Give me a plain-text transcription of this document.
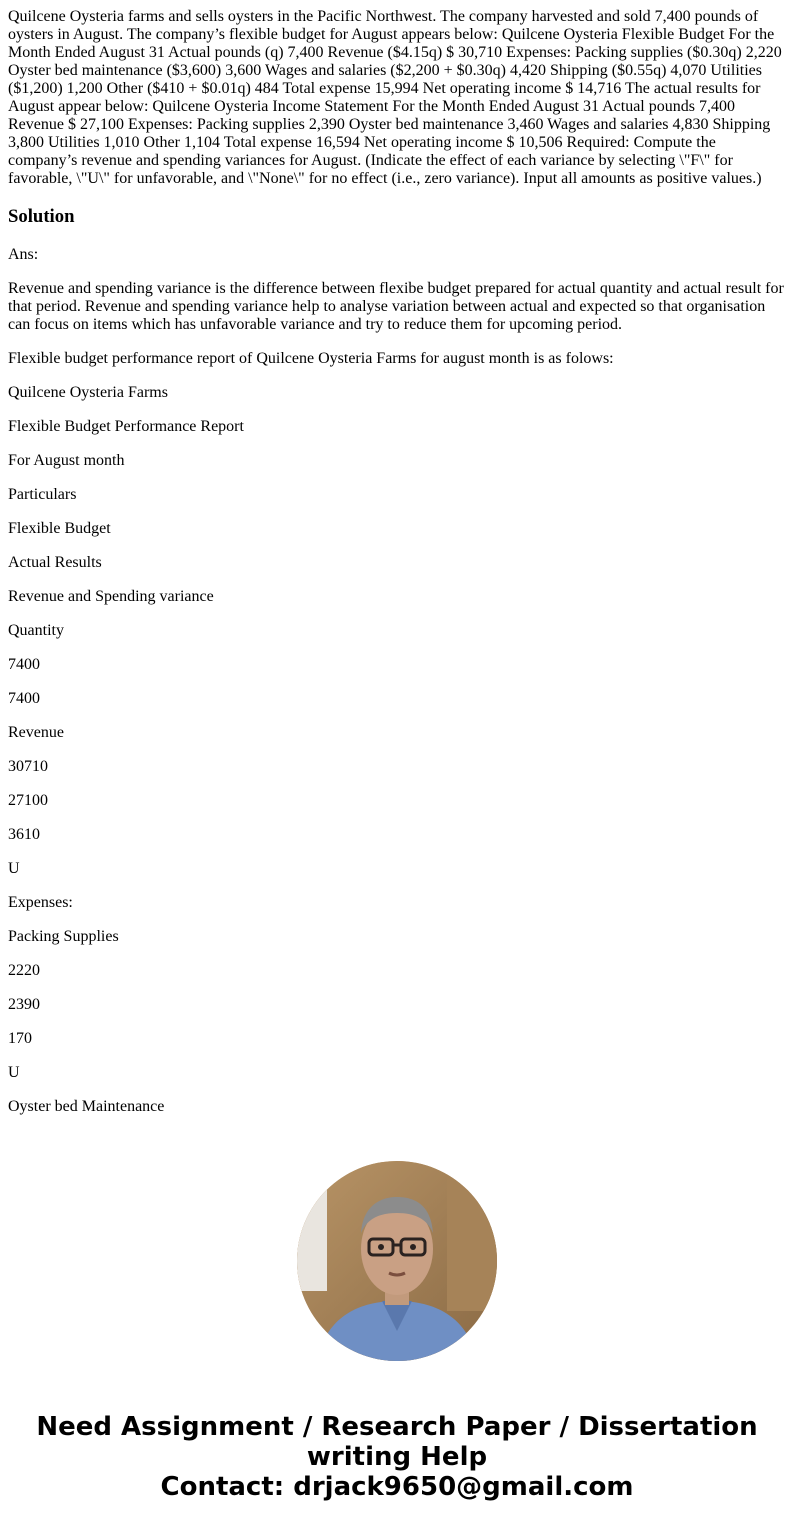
Quilcene Oysteria farms and sells oysters in the Pacific Northwest. The company harvested and sold 7,400 pounds of oysters in August. The company’s flexible budget for August appears below: Quilcene Oysteria Flexible Budget For the Month Ended August 31 Actual pounds (q) 7,400 Revenue ($4.15q) $ 30,710 Expenses: Packing supplies ($0.30q) 2,220 Oyster bed maintenance ($3,600) 3,600 Wages and salaries ($2,200 + $0.30q) 4,420 Shipping ($0.55q) 4,070 Utilities ($1,200) 1,200 Other ($410 + $0.01q) 484 Total expense 15,994 Net operating income $ 14,716 The actual results for August appear below: Quilcene Oysteria Income Statement For the Month Ended August 31 Actual pounds 7,400 Revenue $ 27,100 Expenses: Packing supplies 2,390 Oyster bed maintenance 3,460 Wages and salaries 4,830 Shipping 3,800 Utilities 1,010 Other 1,104 Total expense 16,594 Net operating income $ 10,506 Required: Compute the company’s revenue and spending variances for August. (Indicate the effect of each variance by selecting \"F\" for favorable, \"U\" for unfavorable, and \"None\" for no effect (i.e., zero variance). Input all amounts as positive values.)
Solution

Ans:

Revenue and spending variance is the difference between flexibe budget prepared for actual quantity and actual result for that period. Revenue and spending variance help to analyse variation between actual and expected so that organisation can focus on items which has unfavorable variance and try to reduce them for upcoming period.

Flexible budget performance report of Quilcene Oysteria Farms for august month is as folows:

Quilcene Oysteria Farms

Flexible Budget Performance Report

For August month

Particulars

Flexible Budget

Actual Results

Revenue and Spending variance

Quantity

7400

7400

Revenue

30710

27100

3610

U

Expenses:

Packing Supplies

2220

2390

170

U

Oyster bed Maintenance

Need Assignment / Research Paper / Dissertation
writing Help
Contact: drjack9650@gmail.com
